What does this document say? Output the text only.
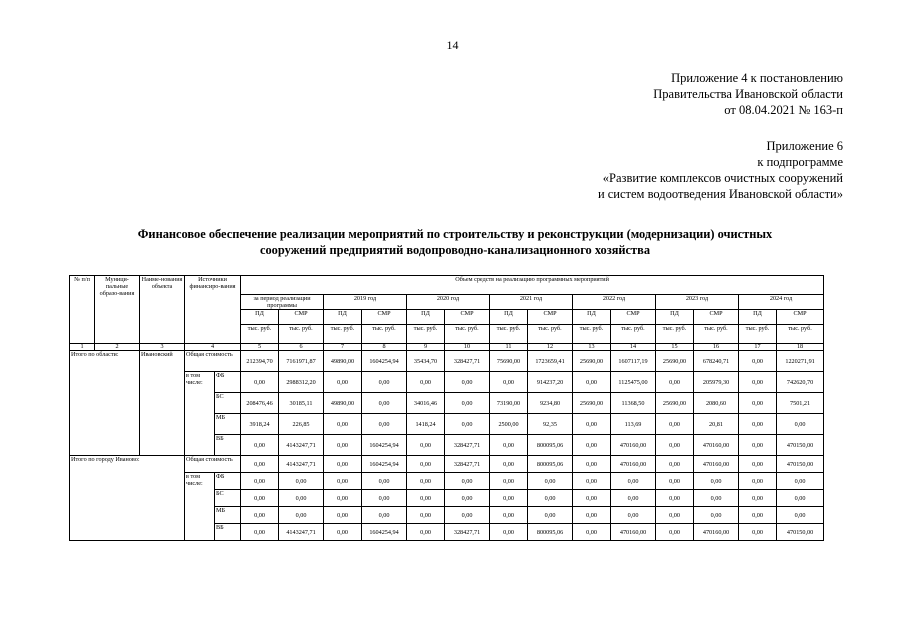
14
Приложение 4 к постановлению
Правительства Ивановской области
от 08.04.2021 № 163-п
Приложение 6
к подпрограмме
«Развитие комплексов очистных сооружений
и систем водоотведения Ивановской области»
Финансовое обеспечение реализации мероприятий по строительству и реконструкции (модернизации) очистных
сооружений предприятий водопроводно-канализационного хозяйства
№ п/п	Муници-пальные образо-вания	Наиме-нования объекта	Источники финансиро-вания		Объем средств на реализацию программных мероприятий													
					за период реализации программы		2019 год		2020 год		2021 год		2022 год		2023 год		2024 год	
					ПД	СМР	ПД	СМР	ПД	СМР	ПД	СМР	ПД	СМР	ПД	СМР	ПД	СМР
					тыс. руб.	тыс. руб.	тыс. руб.	тыс. руб.	тыс. руб.	тыс. руб.	тыс. руб.	тыс. руб.	тыс. руб.	тыс. руб.	тыс. руб.	тыс. руб.	тыс. руб.	тыс. руб.
1	2	3	4		5	6	7	8	9	10	11	12	13	14	15	16	17	18
Итого по области:		Ивановский	Общая стоимость		212394,70	7161971,87	49890,00	1604254,94	35434,70	328427,71	75690,00	1723659,41	25690,00	1607117,19	25690,00	678240,71	0,00	1220271,91
			в том числе:	ФБ	0,00	2988312,20	0,00	0,00	0,00	0,00	0,00	914237,20	0,00	1125475,00	0,00	205979,30	0,00	742620,70
				БС	208476,46	30185,11	49890,00	0,00	34016,46	0,00	73190,00	9234,80	25690,00	11368,50	25690,00	2080,60	0,00	7501,21
				МБ	3918,24	226,85	0,00	0,00	1418,24	0,00	2500,00	92,35	0,00	113,69	0,00	20,81	0,00	0,00
				ВБ	0,00	4143247,71	0,00	1604254,94	0,00	328427,71	0,00	800095,06	0,00	470160,00	0,00	470160,00	0,00	470150,00
Итого по городу Иваново:			Общая стоимость		0,00	4143247,71	0,00	1604254,94	0,00	328427,71	0,00	800095,06	0,00	470160,00	0,00	470160,00	0,00	470150,00
			в том числе:	ФБ	0,00	0,00	0,00	0,00	0,00	0,00	0,00	0,00	0,00	0,00	0,00	0,00	0,00	0,00
				БС	0,00	0,00	0,00	0,00	0,00	0,00	0,00	0,00	0,00	0,00	0,00	0,00	0,00	0,00
				МБ	0,00	0,00	0,00	0,00	0,00	0,00	0,00	0,00	0,00	0,00	0,00	0,00	0,00	0,00
				ВБ	0,00	4143247,71	0,00	1604254,94	0,00	328427,71	0,00	800095,06	0,00	470160,00	0,00	470160,00	0,00	470150,00
